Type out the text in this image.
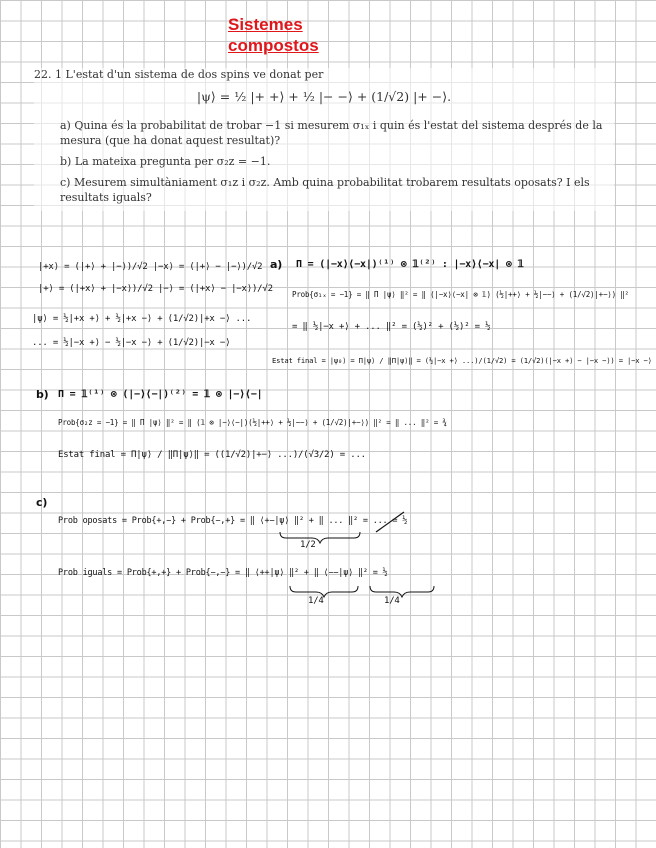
Sistemes compostos
22. 1 L'estat d'un sistema de dos spins ve donat per
|ψ⟩ = ½ |+ +⟩ + ½ |− −⟩ + (1/√2) |+ −⟩.
a) Quina és la probabilitat de trobar −1 si mesurem σ₁ₓ i quin és l'estat del sistema després de la mesura (que ha donat aquest resultat)?
b) La mateixa pregunta per σ₂z = −1.
c) Mesurem simultàniament σ₁z i σ₂z. Amb quina probabilitat trobarem resultats oposats? I els resultats iguals?
|+x⟩ = (|+⟩ + |−⟩)/√2 |−x⟩ = (|+⟩ − |−⟩)/√2
|+⟩ = (|+x⟩ + |−x⟩)/√2 |−⟩ = (|+x⟩ − |−x⟩)/√2
|ψ⟩ = ½|+x +⟩ + ½|+x −⟩ + (1/√2)|+x −⟩ ...
... = ½|−x +⟩ − ½|−x −⟩ + (1/√2)|−x −⟩
a) Π = (|−x⟩⟨−x|)⁽¹⁾ ⊗ 𝟙⁽²⁾ : |−x⟩⟨−x| ⊗ 𝟙
Prob{σ₁ₓ = −1} = ‖ Π |ψ⟩ ‖² = ‖ (|−x⟩⟨−x| ⊗ 𝟙) (½|++⟩ + ½|−−⟩ + (1/√2)|+−⟩) ‖²
= ‖ ½|−x +⟩ + ... ‖² = (½)² + (½)² = ½
Estat final = |ψ₀⟩ = Π|ψ⟩ / ‖Π|ψ⟩‖ = (½|−x +⟩ ...)/(1/√2) = (1/√2)(|−x +⟩ − |−x −⟩) = |−x −⟩
b) Π = 𝟙⁽¹⁾ ⊗ (|−⟩⟨−|)⁽²⁾ = 𝟙 ⊗ |−⟩⟨−|
Prob{σ₂z = −1} = ‖ Π |ψ⟩ ‖² = ‖ (𝟙 ⊗ |−⟩⟨−|)(½|++⟩ + ½|−−⟩ + (1/√2)|+−⟩) ‖² = ‖ ... ‖² = ¾
Estat final = Π|ψ⟩ / ‖Π|ψ⟩‖ = ((1/√2)|+−⟩ ...)/(√3/2) = ...
c)
Prob oposats = Prob{+,−} + Prob{−,+} = ‖ ⟨+−|ψ⟩ ‖² + ‖ ... ‖² = ... = ½
1/2
Prob iguals = Prob{+,+} + Prob{−,−} = ‖ ⟨++|ψ⟩ ‖² + ‖ ⟨−−|ψ⟩ ‖² = ½
1/4	1/4
